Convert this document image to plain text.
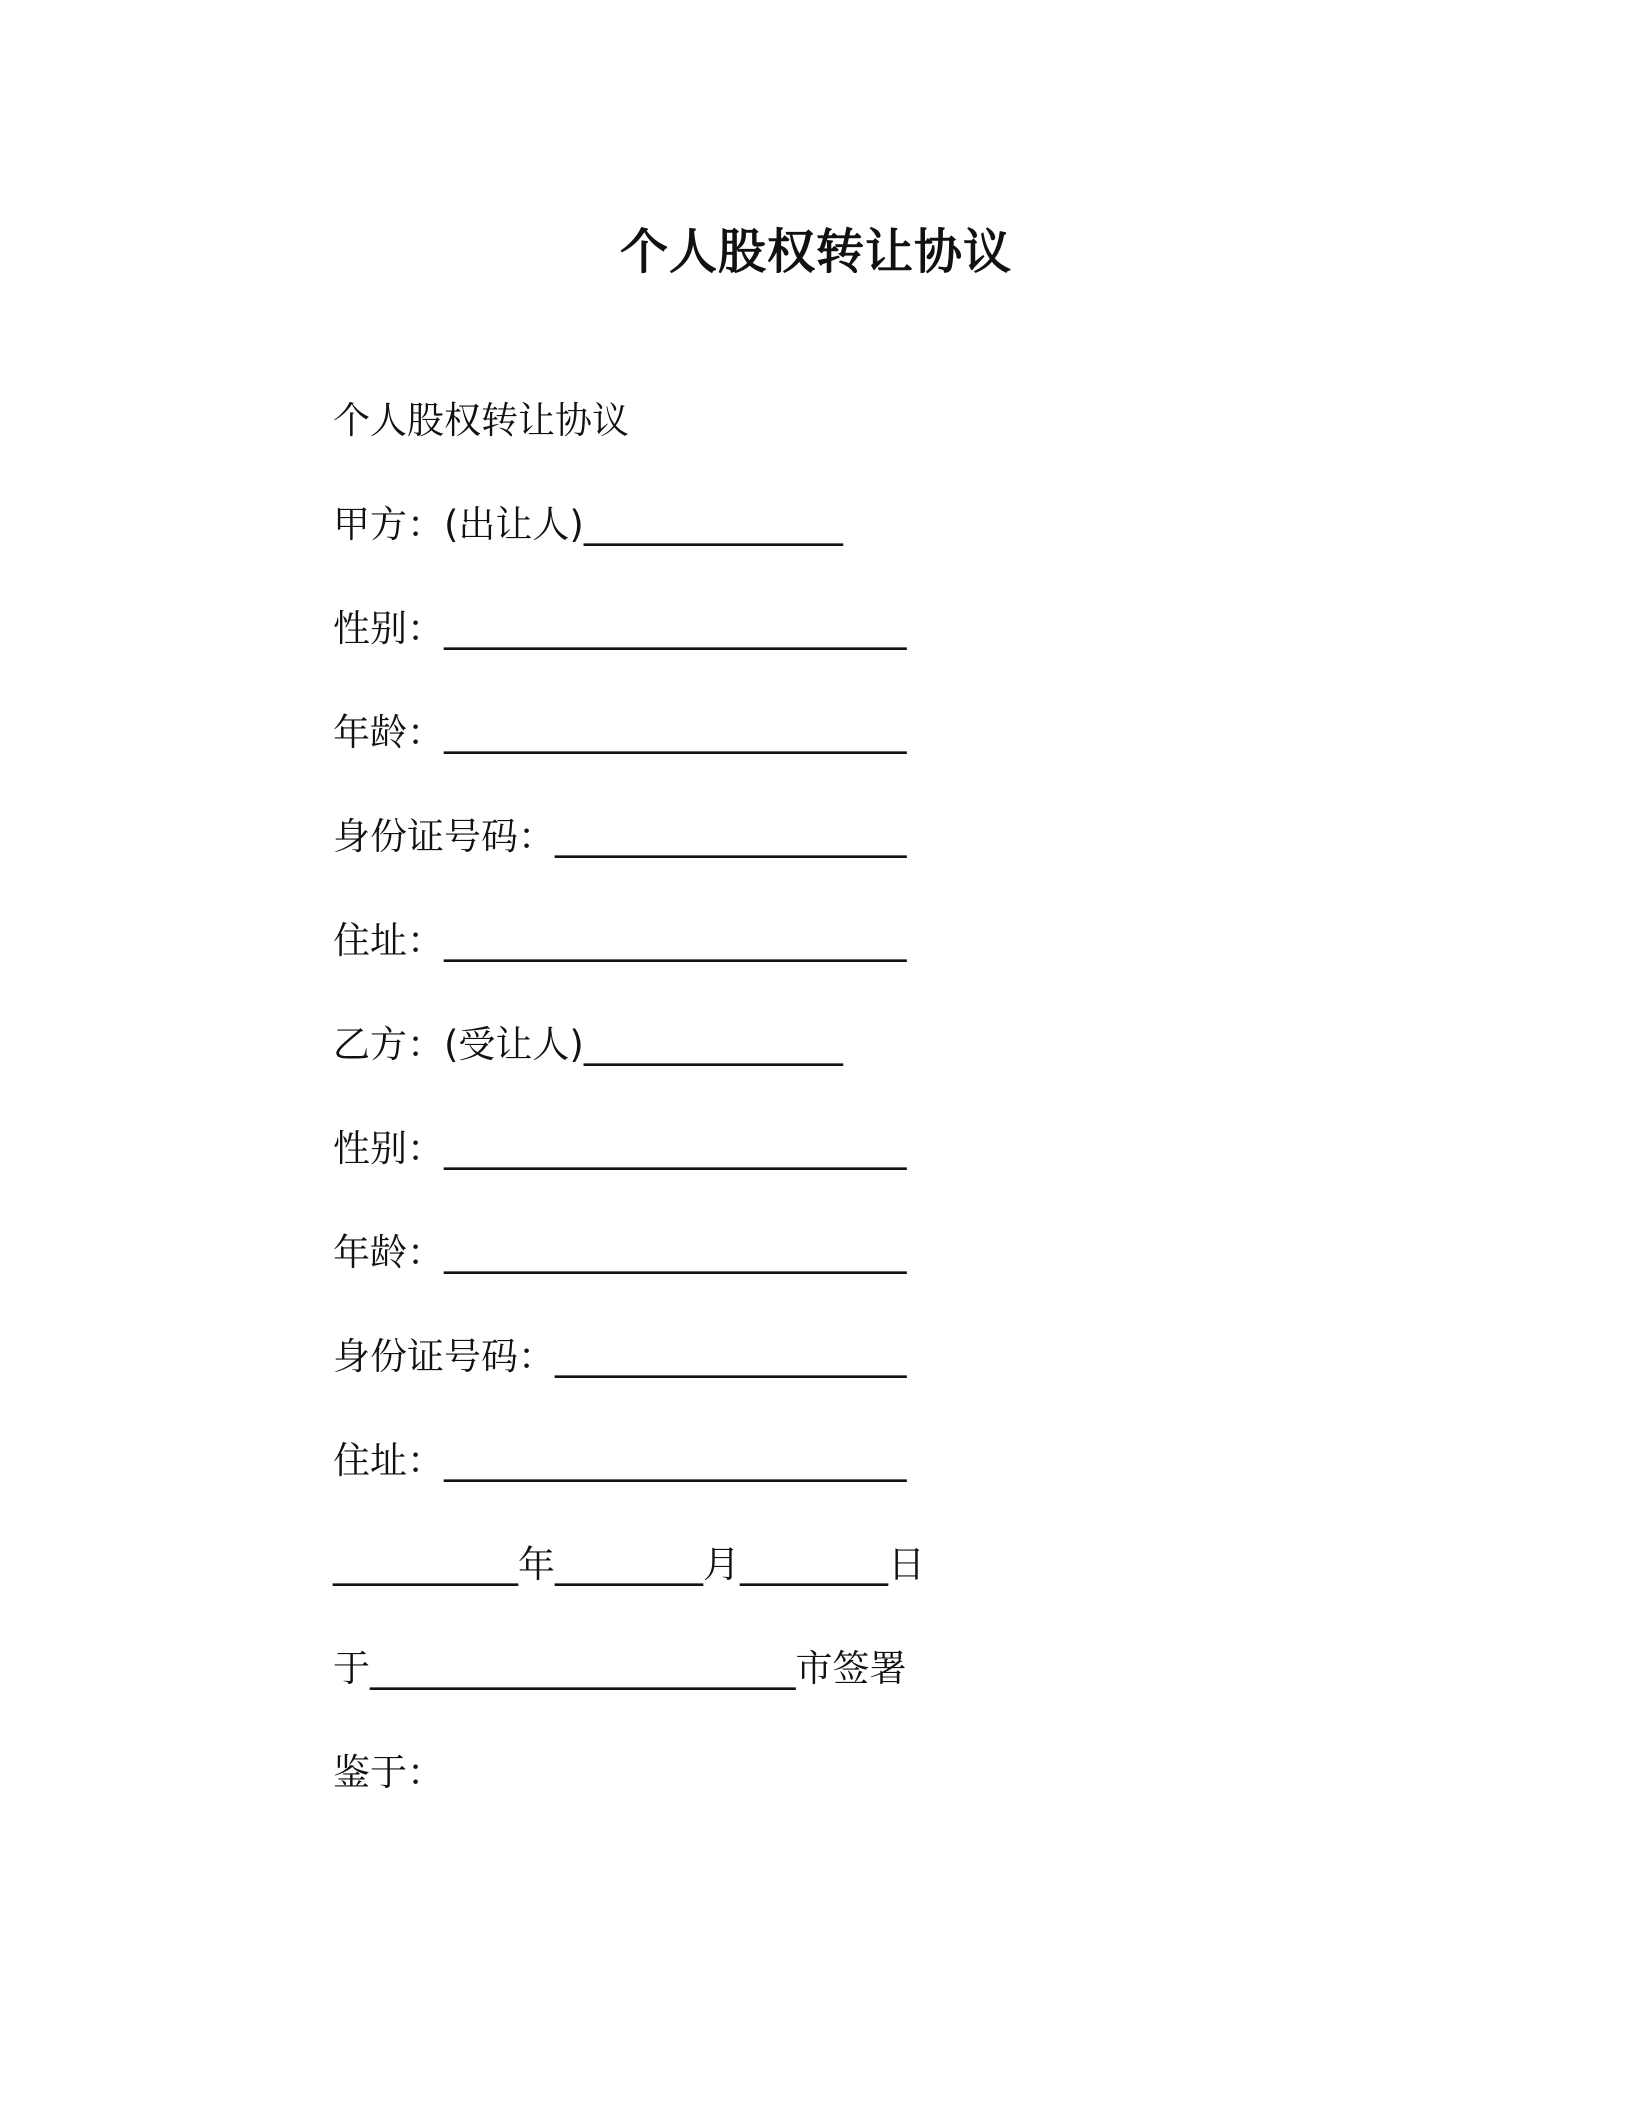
个人股权转让协议
个人股权转让协议
甲方：(出让人)______________
性别：_________________________
年龄：_________________________
身份证号码：___________________
住址：_________________________
乙方：(受让人)______________
性别：_________________________
年龄：_________________________
身份证号码：___________________
住址：_________________________
__________年________月________日
于_______________________市签署
鉴于：
